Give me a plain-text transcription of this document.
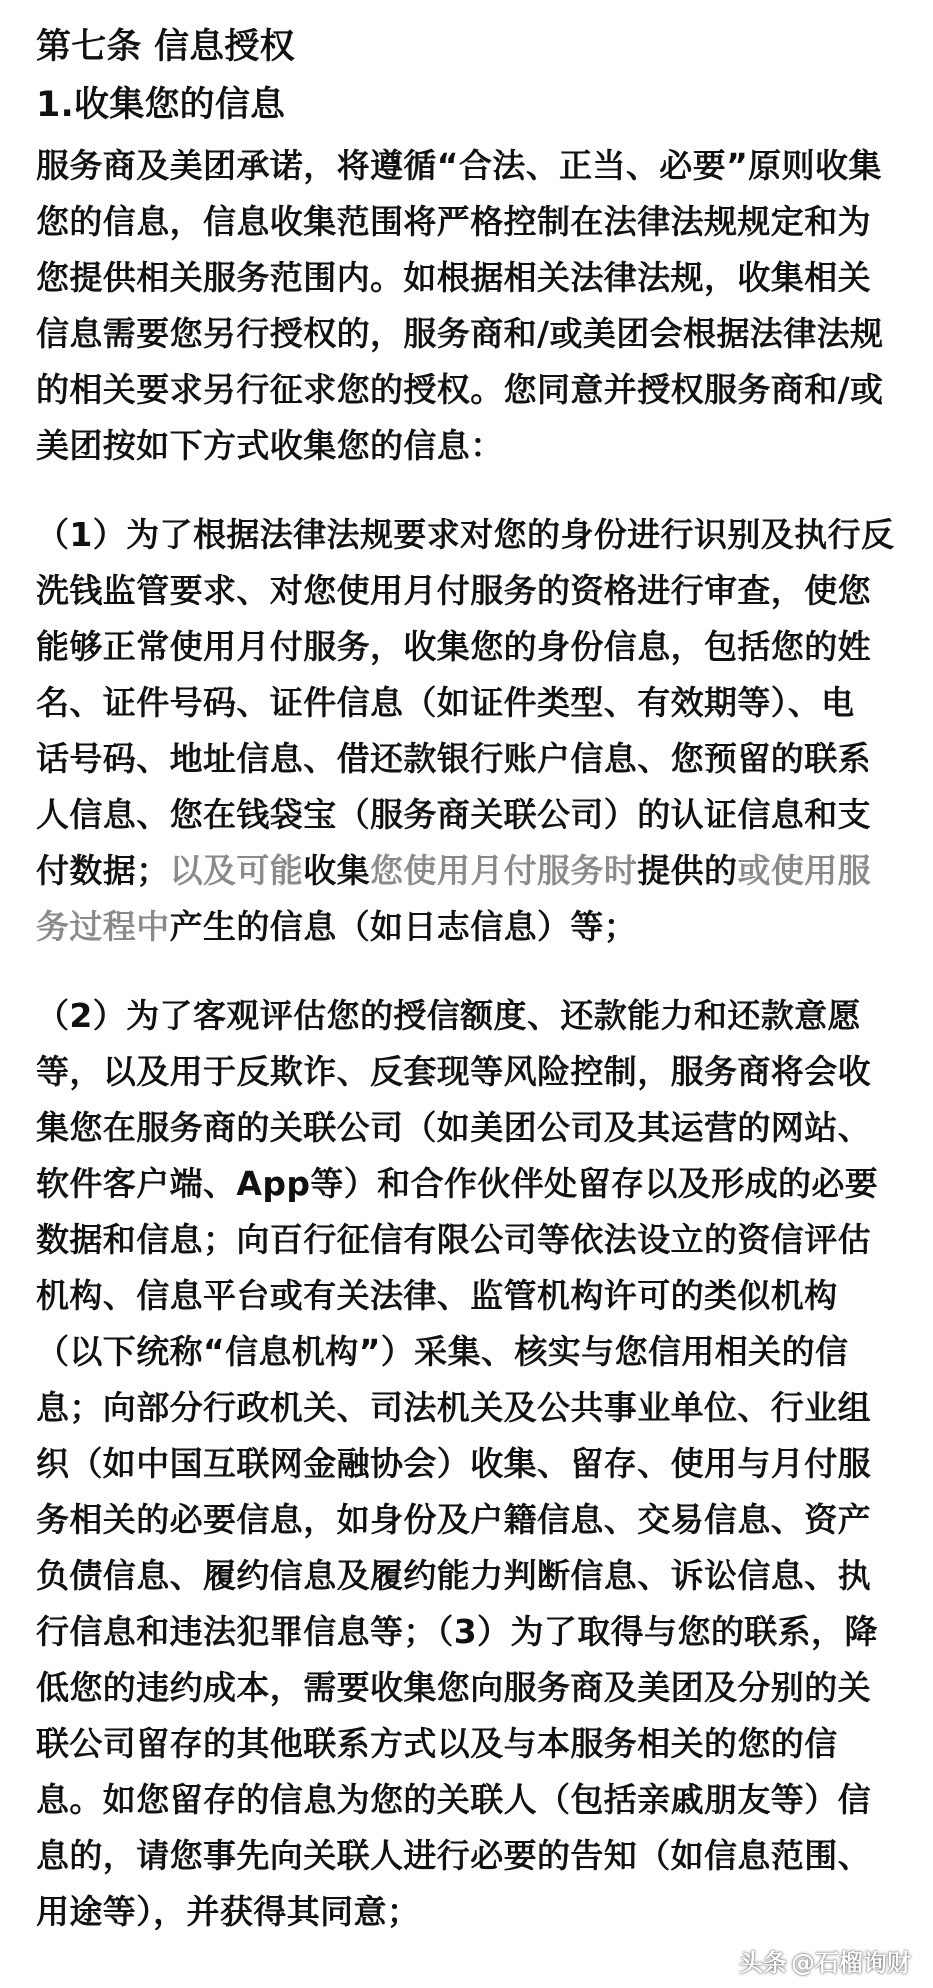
第七条 信息授权
1.收集您的信息
服务商及美团承诺，将遵循“合法、正当、必要”原则收集
您的信息，信息收集范围将严格控制在法律法规规定和为
您提供相关服务范围内。如根据相关法律法规，收集相关
信息需要您另行授权的，服务商和/或美团会根据法律法规
的相关要求另行征求您的授权。您同意并授权服务商和/或
美团按如下方式收集您的信息：
（1）为了根据法律法规要求对您的身份进行识别及执行反
洗钱监管要求、对您使用月付服务的资格进行审查，使您
能够正常使用月付服务，收集您的身份信息，包括您的姓
名、证件号码、证件信息（如证件类型、有效期等）、电
话号码、地址信息、借还款银行账户信息、您预留的联系
人信息、您在钱袋宝（服务商关联公司）的认证信息和支
付数据；以及可能收集您使用月付服务时提供的或使用服
务过程中产生的信息（如日志信息）等；
（2）为了客观评估您的授信额度、还款能力和还款意愿
等，以及用于反欺诈、反套现等风险控制，服务商将会收
集您在服务商的关联公司（如美团公司及其运营的网站、
软件客户端、App等）和合作伙伴处留存以及形成的必要
数据和信息；向百行征信有限公司等依法设立的资信评估
机构、信息平台或有关法律、监管机构许可的类似机构
（以下统称“信息机构”）采集、核实与您信用相关的信
息；向部分行政机关、司法机关及公共事业单位、行业组
织（如中国互联网金融协会）收集、留存、使用与月付服
务相关的必要信息，如身份及户籍信息、交易信息、资产
负债信息、履约信息及履约能力判断信息、诉讼信息、执
行信息和违法犯罪信息等；（3）为了取得与您的联系，降
低您的违约成本，需要收集您向服务商及美团及分别的关
联公司留存的其他联系方式以及与本服务相关的您的信
息。如您留存的信息为您的关联人（包括亲戚朋友等）信
息的，请您事先向关联人进行必要的告知（如信息范围、
用途等），并获得其同意；
头条 @石榴询财
